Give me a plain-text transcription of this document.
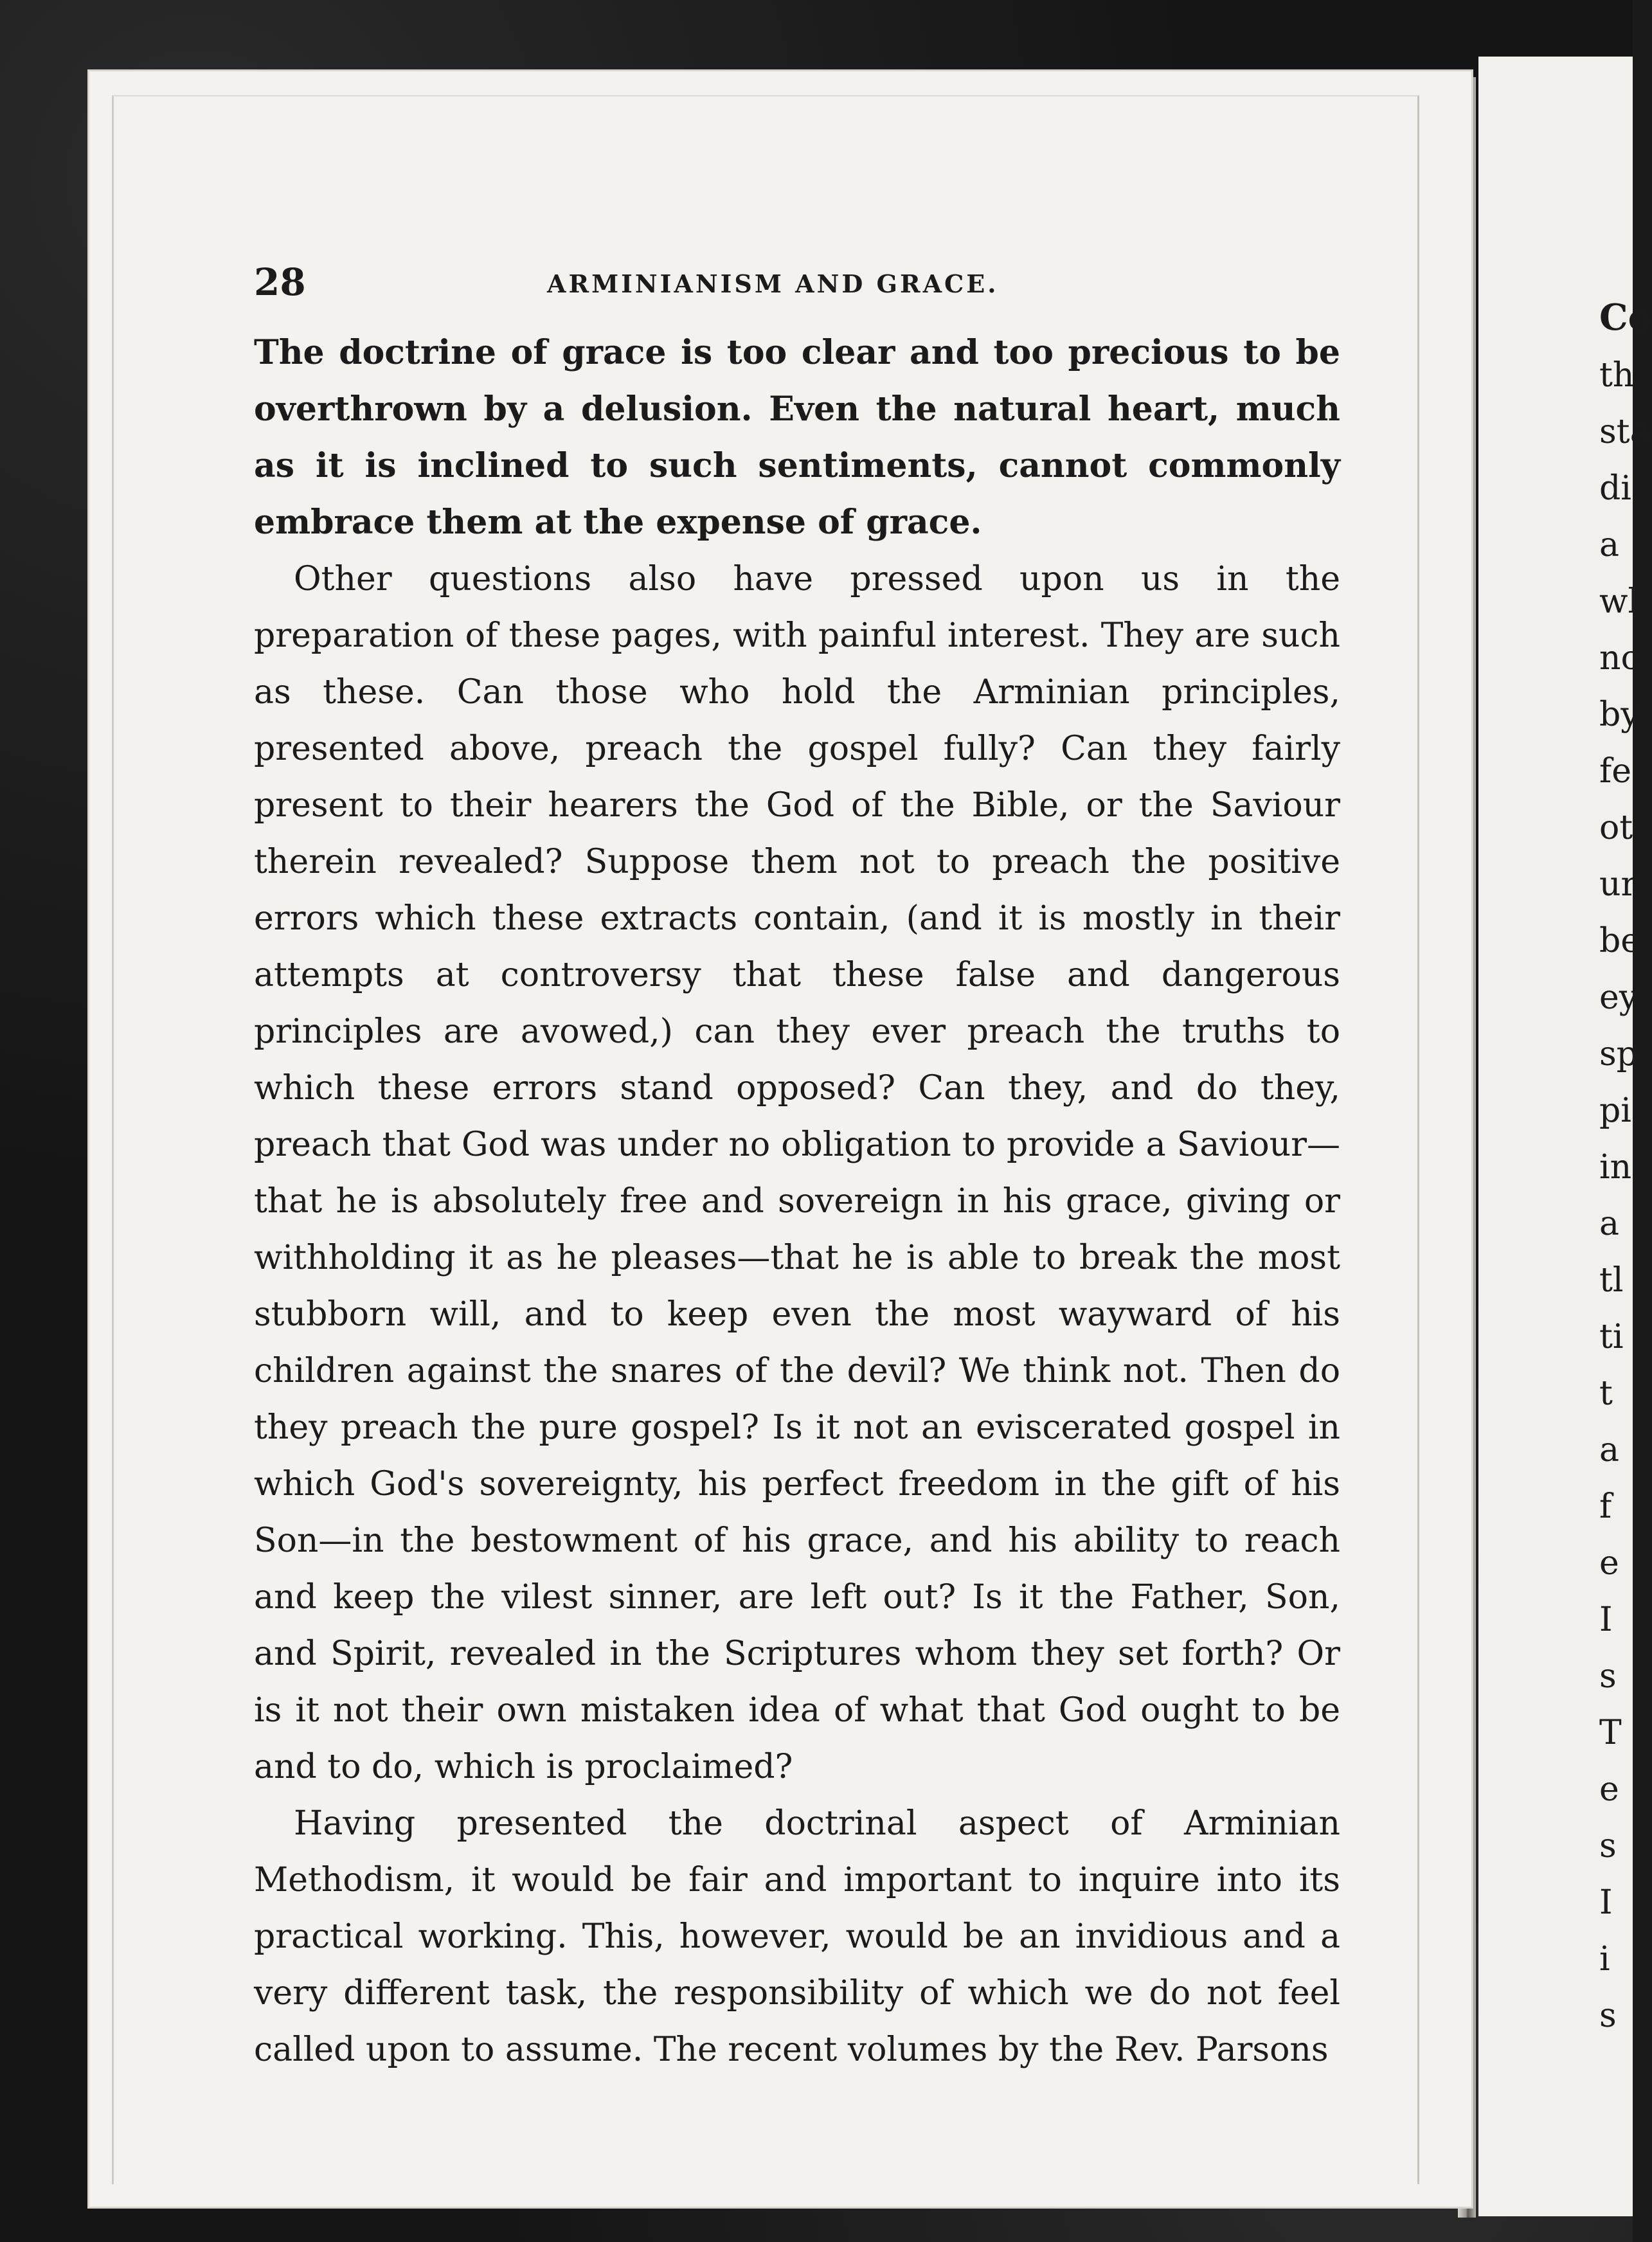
28	ARMINIANISM AND GRACE.

The doctrine of grace is too clear and too precious to be overthrown by a delusion. Even the natural heart, much as it is inclined to such sentiments, cannot commonly embrace them at the expense of grace.

Other questions also have pressed upon us in the preparation of these pages, with painful interest. They are such as these. Can those who hold the Arminian principles, presented above, preach the gospel fully? Can they fairly present to their hearers the God of the Bible, or the Saviour therein revealed? Suppose them not to preach the positive errors which these extracts contain, (and it is mostly in their attempts at controversy that these false and dangerous principles are avowed,) can they ever preach the truths to which these errors stand opposed? Can they, and do they, preach that God was under no obligation to provide a Saviour—that he is absolutely free and sovereign in his grace, giving or withholding it as he pleases—that he is able to break the most stubborn will, and to keep even the most wayward of his children against the snares of the devil? We think not. Then do they preach the pure gospel? Is it not an eviscerated gospel in which God's sovereignty, his perfect freedom in the gift of his Son—in the bestowment of his grace, and his ability to reach and keep the vilest sinner, are left out? Is it the Father, Son, and Spirit, revealed in the Scriptures whom they set forth? Or is it not their own mistaken idea of what that God ought to be and to do, which is proclaimed?

Having presented the doctrinal aspect of Arminian Methodism, it would be fair and important to inquire into its practical working. This, however, would be an invidious and a very different task, the responsibility of which we do not feel called upon to assume. The recent volumes by the Rev. Parsons

Co
th
sta
di
a
wl
nc
by
fe
ot
ur
be
ey
sp
pi
in
a
tl
ti
t
a
f
e
I
s
T
e
s
I
i
s
